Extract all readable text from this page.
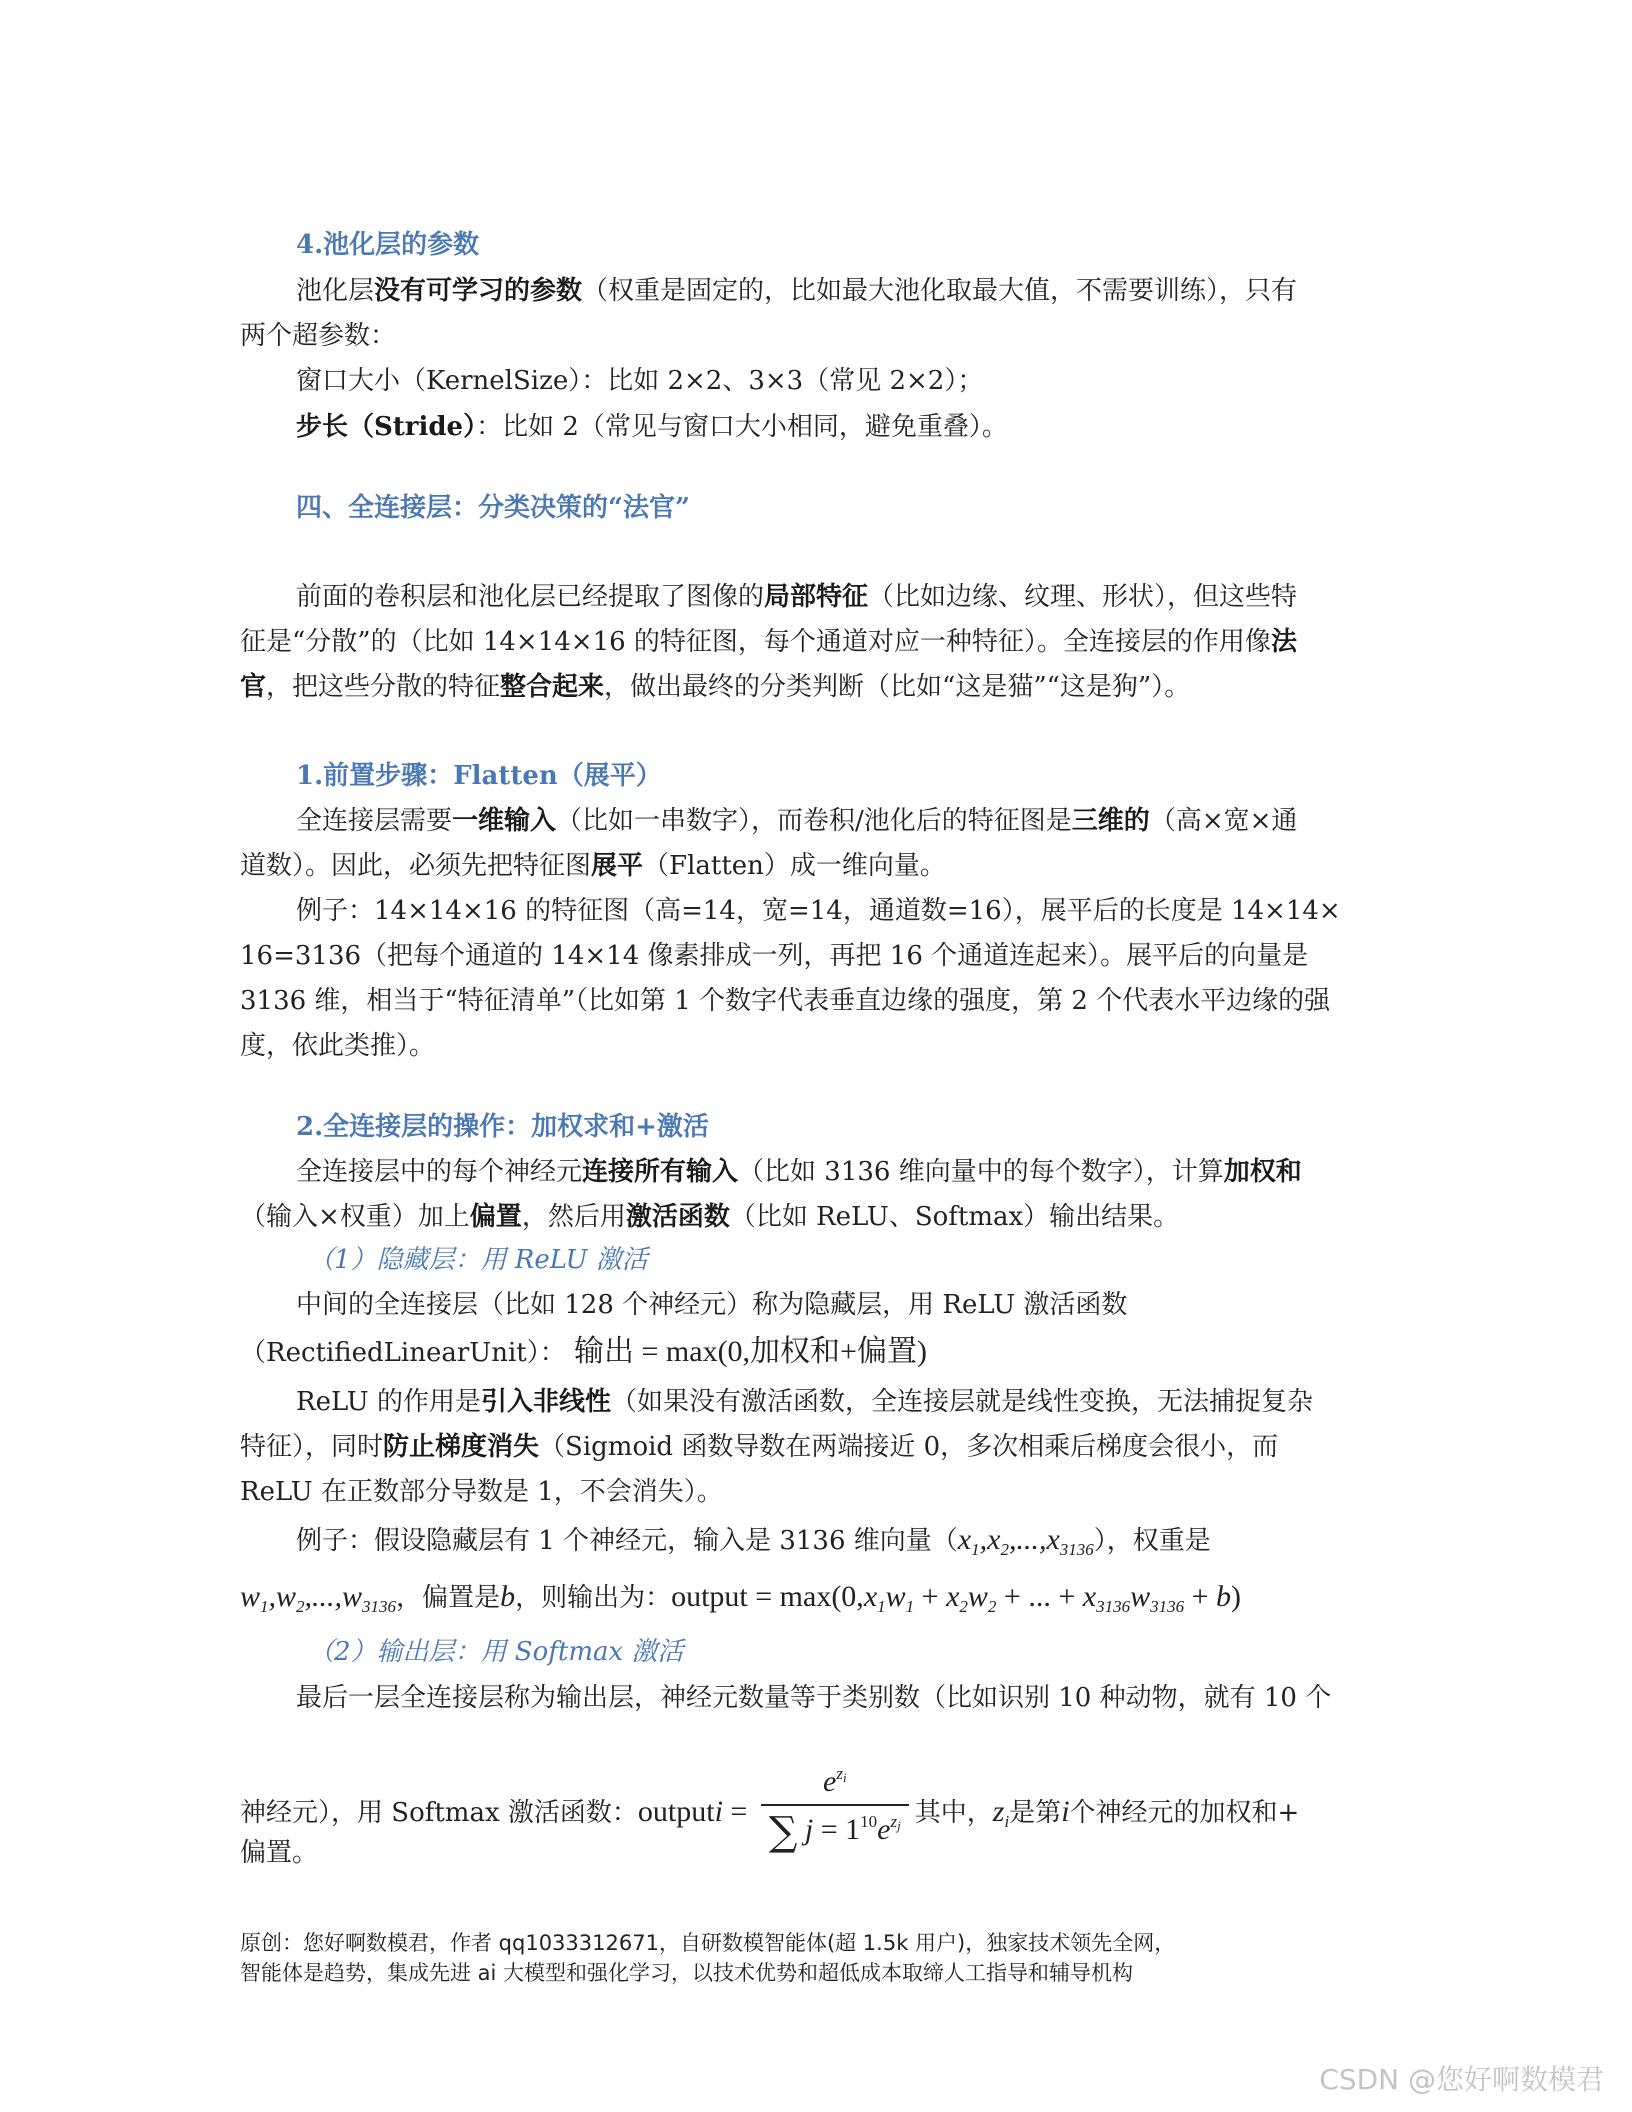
4.池化层的参数
池化层没有可学习的参数（权重是固定的，比如最大池化取最大值，不需要训练），只有
两个超参数：
窗口大小（KernelSize）：比如 2×2、3×3（常见 2×2）；
步长（Stride）：比如 2（常见与窗口大小相同，避免重叠）。
四、全连接层：分类决策的“法官”
前面的卷积层和池化层已经提取了图像的局部特征（比如边缘、纹理、形状），但这些特
征是“分散”的（比如 14×14×16 的特征图，每个通道对应一种特征）。全连接层的作用像法
官，把这些分散的特征整合起来，做出最终的分类判断（比如“这是猫”“这是狗”）。
1.前置步骤：Flatten（展平）
全连接层需要一维输入（比如一串数字），而卷积/池化后的特征图是三维的（高×宽×通
道数）。因此，必须先把特征图展平（Flatten）成一维向量。
例子：14×14×16 的特征图（高=14，宽=14，通道数=16），展平后的长度是 14×14×
16=3136（把每个通道的 14×14 像素排成一列，再把 16 个通道连起来）。展平后的向量是
3136 维，相当于“特征清单”（比如第 1 个数字代表垂直边缘的强度，第 2 个代表水平边缘的强
度，依此类推）。
2.全连接层的操作：加权求和+激活
全连接层中的每个神经元连接所有输入（比如 3136 维向量中的每个数字），计算加权和
（输入×权重）加上偏置，然后用激活函数（比如 ReLU、Softmax）输出结果。
（1）隐藏层：用 ReLU 激活
中间的全连接层（比如 128 个神经元）称为隐藏层，用 ReLU 激活函数
（RectifiedLinearUnit）： 输出 = max(0,加权和+偏置)
ReLU 的作用是引入非线性（如果没有激活函数，全连接层就是线性变换，无法捕捉复杂
特征），同时防止梯度消失（Sigmoid 函数导数在两端接近 0，多次相乘后梯度会很小，而
ReLU 在正数部分导数是 1，不会消失）。
例子：假设隐藏层有 1 个神经元，输入是 3136 维向量$(x_1,x_2,...,x_{3136})$，权重是
$w_1,w_2,...,w_{3136}$，偏置是b，则输出为：output = $\max(0,x_1w_1 + x_2w_2$ + ... + $x_{3136}w_{3136} + b$)
（2）输出层：用 Softmax 激活
最后一层全连接层称为输出层，神经元数量等于类别数（比如识别 10 种动物，就有 10 个
神经元），用 Softmax 激活函数：outputi = $\frac{e^{z_i}}{\sum j = 1^{10}e^{z_j}}$ 其中，$z_i$是第i个神经元的加权和+
偏置。
原创：您好啊数模君，作者 qq1033312671，自研数模智能体(超 1.5k 用户)，独家技术领先全网，
智能体是趋势，集成先进 ai 大模型和强化学习，以技术优势和超低成本取缔人工指导和辅导机构
CSDN @您好啊数模君
